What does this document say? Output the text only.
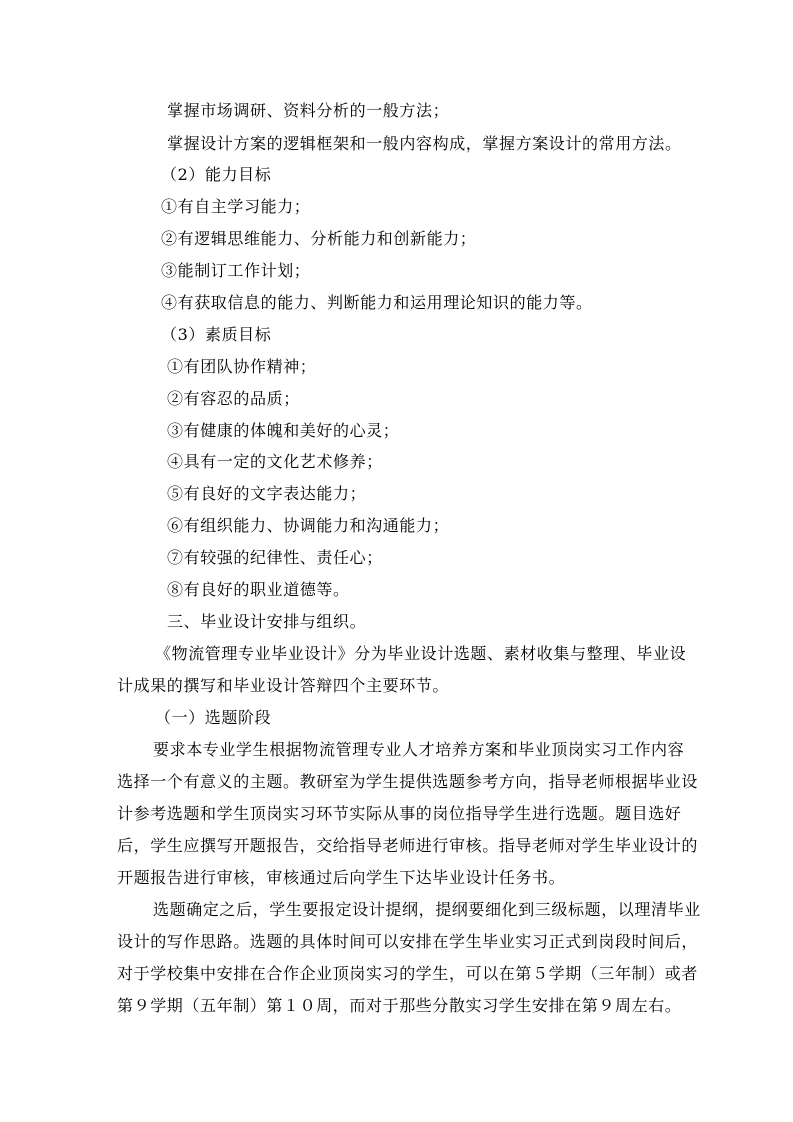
掌握市场调研、资料分析的一般方法；
掌握设计方案的逻辑框架和一般内容构成，掌握方案设计的常用方法。
（2）能力目标
①有自主学习能力；
②有逻辑思维能力、分析能力和创新能力；
③能制订工作计划；
④有获取信息的能力、判断能力和运用理论知识的能力等。
（3）素质目标
①有团队协作精神；
②有容忍的品质；
③有健康的体魄和美好的心灵；
④具有一定的文化艺术修养；
⑤有良好的文字表达能力；
⑥有组织能力、协调能力和沟通能力；
⑦有较强的纪律性、责任心；
⑧有良好的职业道德等。
三、毕业设计安排与组织。
《物流管理专业毕业设计》分为毕业设计选题、素材收集与整理、毕业设
计成果的撰写和毕业设计答辩四个主要环节。
（一）选题阶段
要求本专业学生根据物流管理专业人才培养方案和毕业顶岗实习工作内容
选择一个有意义的主题。教研室为学生提供选题参考方向，指导老师根据毕业设
计参考选题和学生顶岗实习环节实际从事的岗位指导学生进行选题。题目选好
后，学生应撰写开题报告，交给指导老师进行审核。指导老师对学生毕业设计的
开题报告进行审核，审核通过后向学生下达毕业设计任务书。
选题确定之后，学生要报定设计提纲，提纲要细化到三级标题，以理清毕业
设计的写作思路。选题的具体时间可以安排在学生毕业实习正式到岗段时间后，
对于学校集中安排在合作企业顶岗实习的学生，可以在第５学期（三年制）或者
第９学期（五年制）第１０周，而对于那些分散实习学生安排在第９周左右。
